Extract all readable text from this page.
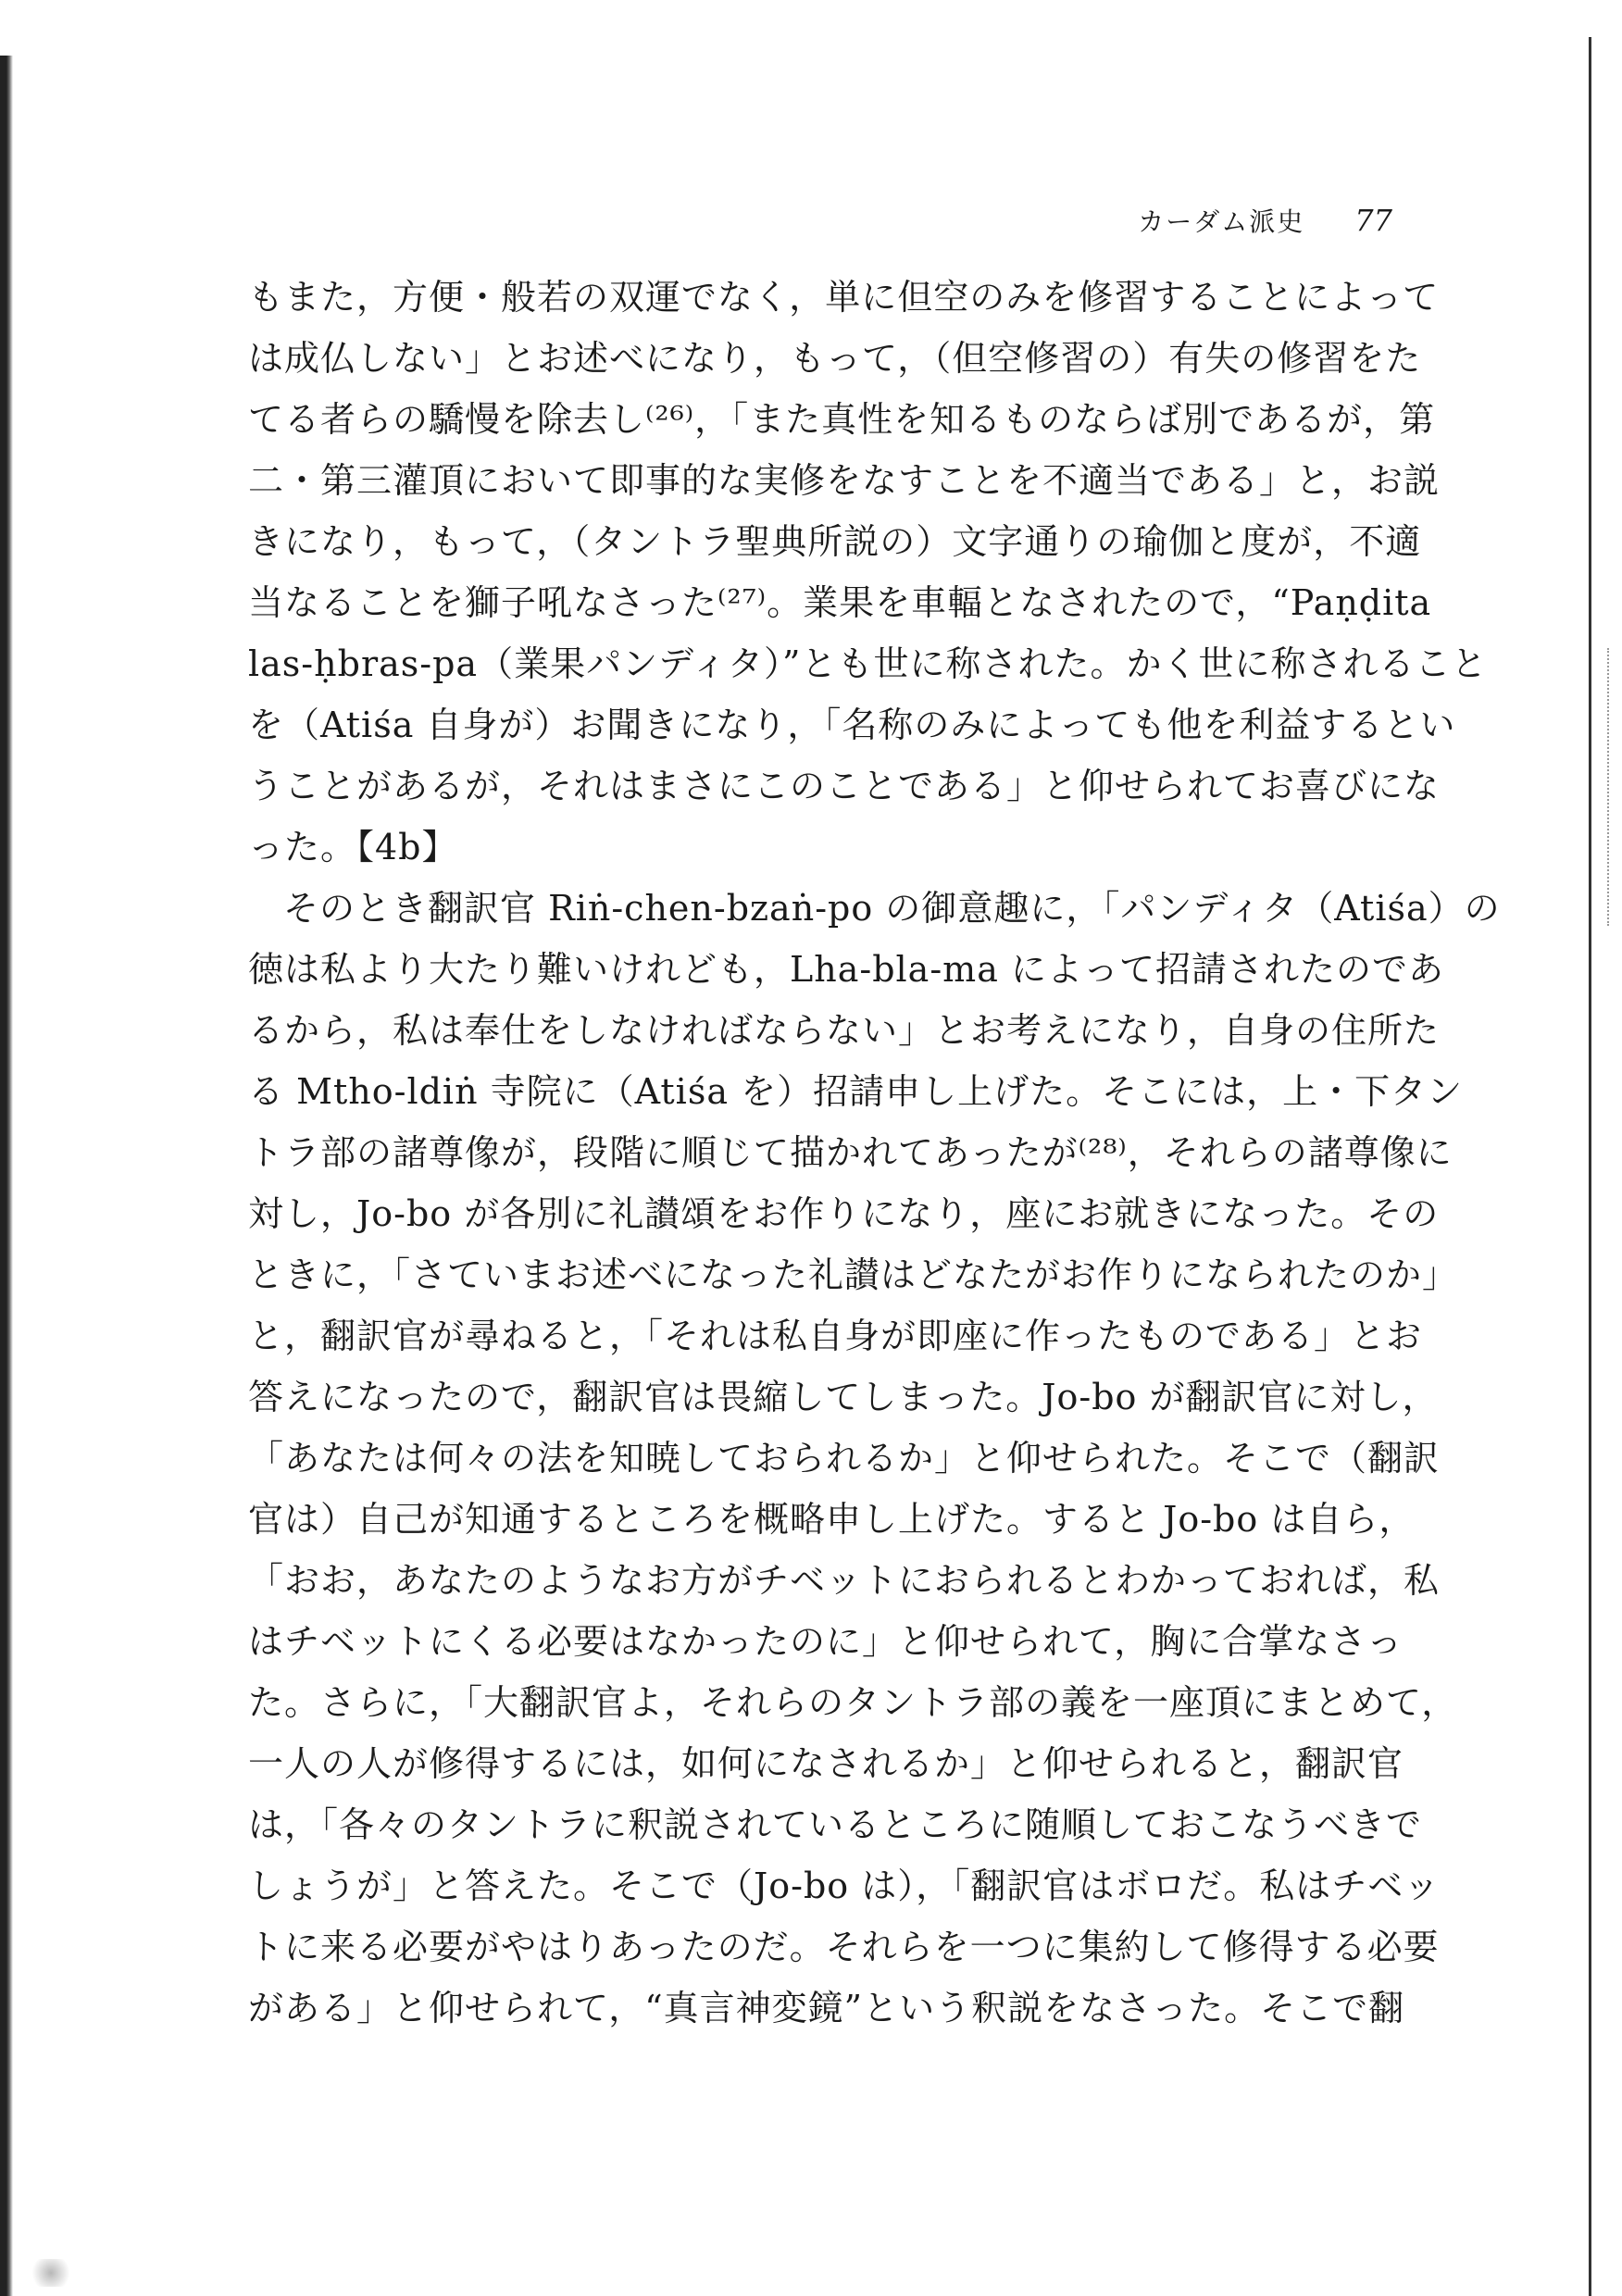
カーダム派史 77
もまた，方便・般若の双運でなく，単に但空のみを修習することによって
は成仏しない」とお述べになり，もって，（但空修習の）有失の修習をた
てる者らの驕慢を除去し⁽²⁶⁾，「また真性を知るものならば別であるが，第
二・第三灌頂において即事的な実修をなすことを不適当である」と，お説
きになり，もって，（タントラ聖典所説の）文字通りの瑜伽と度が，不適
当なることを獅子吼なさった⁽²⁷⁾。業果を車輻となされたので，“Paṇḍita
las-ḥbras-pa（業果パンディタ）”とも世に称された。かく世に称されること
を（Atiśa 自身が）お聞きになり，「名称のみによっても他を利益するとい
うことがあるが，それはまさにこのことである」と仰せられてお喜びにな
った。【4b】
そのとき翻訳官 Riṅ-chen-bzaṅ-po の御意趣に，「パンディタ（Atiśa）の
徳は私より大たり難いけれども，Lha-bla-ma によって招請されたのであ
るから，私は奉仕をしなければならない」とお考えになり，自身の住所た
る Mtho-ldiṅ 寺院に（Atiśa を）招請申し上げた。そこには，上・下タン
トラ部の諸尊像が，段階に順じて描かれてあったが⁽²⁸⁾，それらの諸尊像に
対し，Jo-bo が各別に礼讃頌をお作りになり，座にお就きになった。その
ときに，「さていまお述べになった礼讃はどなたがお作りになられたのか」
と，翻訳官が尋ねると，「それは私自身が即座に作ったものである」とお
答えになったので，翻訳官は畏縮してしまった。Jo-bo が翻訳官に対し，
「あなたは何々の法を知暁しておられるか」と仰せられた。そこで（翻訳
官は）自己が知通するところを概略申し上げた。すると Jo-bo は自ら，
「おお，あなたのようなお方がチベットにおられるとわかっておれば，私
はチベットにくる必要はなかったのに」と仰せられて，胸に合掌なさっ
た。さらに，「大翻訳官よ，それらのタントラ部の義を一座頂にまとめて，
一人の人が修得するには，如何になされるか」と仰せられると，翻訳官
は，「各々のタントラに釈説されているところに随順しておこなうべきで
しょうが」と答えた。そこで（Jo-bo は），「翻訳官はボロだ。私はチベッ
トに来る必要がやはりあったのだ。それらを一つに集約して修得する必要
がある」と仰せられて，“真言神変鏡”という釈説をなさった。そこで翻
